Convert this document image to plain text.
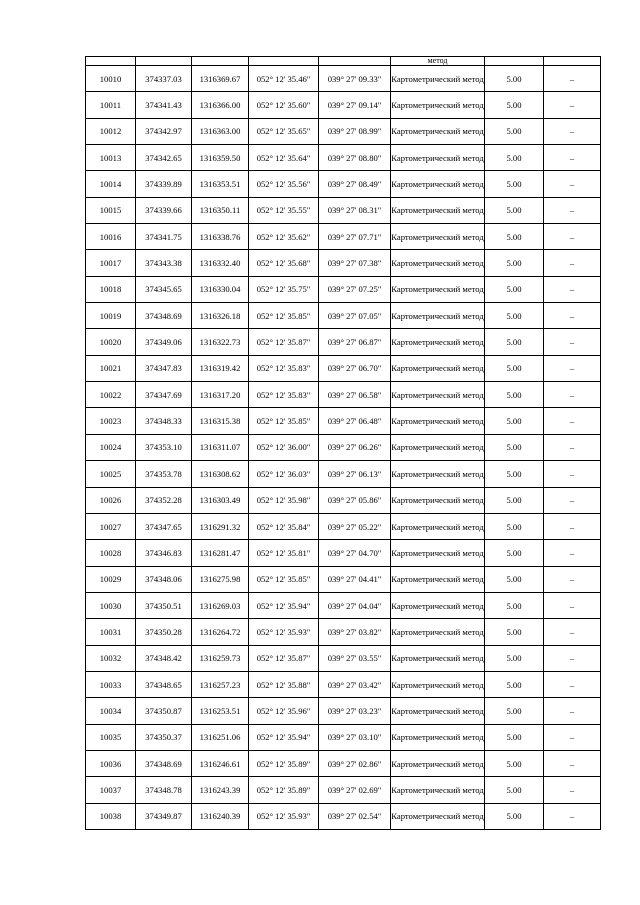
					метод		
10010	374337.03	1316369.67	052° 12' 35.46"	039° 27' 09.33"	Картометрический метод	5.00	–
10011	374341.43	1316366.00	052° 12' 35.60"	039° 27' 09.14"	Картометрический метод	5.00	–
10012	374342.97	1316363.00	052° 12' 35.65"	039° 27' 08.99"	Картометрический метод	5.00	–
10013	374342.65	1316359.50	052° 12' 35.64"	039° 27' 08.80"	Картометрический метод	5.00	–
10014	374339.89	1316353.51	052° 12' 35.56"	039° 27' 08.49"	Картометрический метод	5.00	–
10015	374339.66	1316350.11	052° 12' 35.55"	039° 27' 08.31"	Картометрический метод	5.00	–
10016	374341.75	1316338.76	052° 12' 35.62"	039° 27' 07.71"	Картометрический метод	5.00	–
10017	374343.38	1316332.40	052° 12' 35.68"	039° 27' 07.38"	Картометрический метод	5.00	–
10018	374345.65	1316330.04	052° 12' 35.75"	039° 27' 07.25"	Картометрический метод	5.00	–
10019	374348.69	1316326.18	052° 12' 35.85"	039° 27' 07.05"	Картометрический метод	5.00	–
10020	374349.06	1316322.73	052° 12' 35.87"	039° 27' 06.87"	Картометрический метод	5.00	–
10021	374347.83	1316319.42	052° 12' 35.83"	039° 27' 06.70"	Картометрический метод	5.00	–
10022	374347.69	1316317.20	052° 12' 35.83"	039° 27' 06.58"	Картометрический метод	5.00	–
10023	374348.33	1316315.38	052° 12' 35.85"	039° 27' 06.48"	Картометрический метод	5.00	–
10024	374353.10	1316311.07	052° 12' 36.00"	039° 27' 06.26"	Картометрический метод	5.00	–
10025	374353.78	1316308.62	052° 12' 36.03"	039° 27' 06.13"	Картометрический метод	5.00	–
10026	374352.28	1316303.49	052° 12' 35.98"	039° 27' 05.86"	Картометрический метод	5.00	–
10027	374347.65	1316291.32	052° 12' 35.84"	039° 27' 05.22"	Картометрический метод	5.00	–
10028	374346.83	1316281.47	052° 12' 35.81"	039° 27' 04.70"	Картометрический метод	5.00	–
10029	374348.06	1316275.98	052° 12' 35.85"	039° 27' 04.41"	Картометрический метод	5.00	–
10030	374350.51	1316269.03	052° 12' 35.94"	039° 27' 04.04"	Картометрический метод	5.00	–
10031	374350.28	1316264.72	052° 12' 35.93"	039° 27' 03.82"	Картометрический метод	5.00	–
10032	374348.42	1316259.73	052° 12' 35.87"	039° 27' 03.55"	Картометрический метод	5.00	–
10033	374348.65	1316257.23	052° 12' 35.88"	039° 27' 03.42"	Картометрический метод	5.00	–
10034	374350.87	1316253.51	052° 12' 35.96"	039° 27' 03.23"	Картометрический метод	5.00	–
10035	374350.37	1316251.06	052° 12' 35.94"	039° 27' 03.10"	Картометрический метод	5.00	–
10036	374348.69	1316246.61	052° 12' 35.89"	039° 27' 02.86"	Картометрический метод	5.00	–
10037	374348.78	1316243.39	052° 12' 35.89"	039° 27' 02.69"	Картометрический метод	5.00	–
10038	374349.87	1316240.39	052° 12' 35.93"	039° 27' 02.54"	Картометрический метод	5.00	–
